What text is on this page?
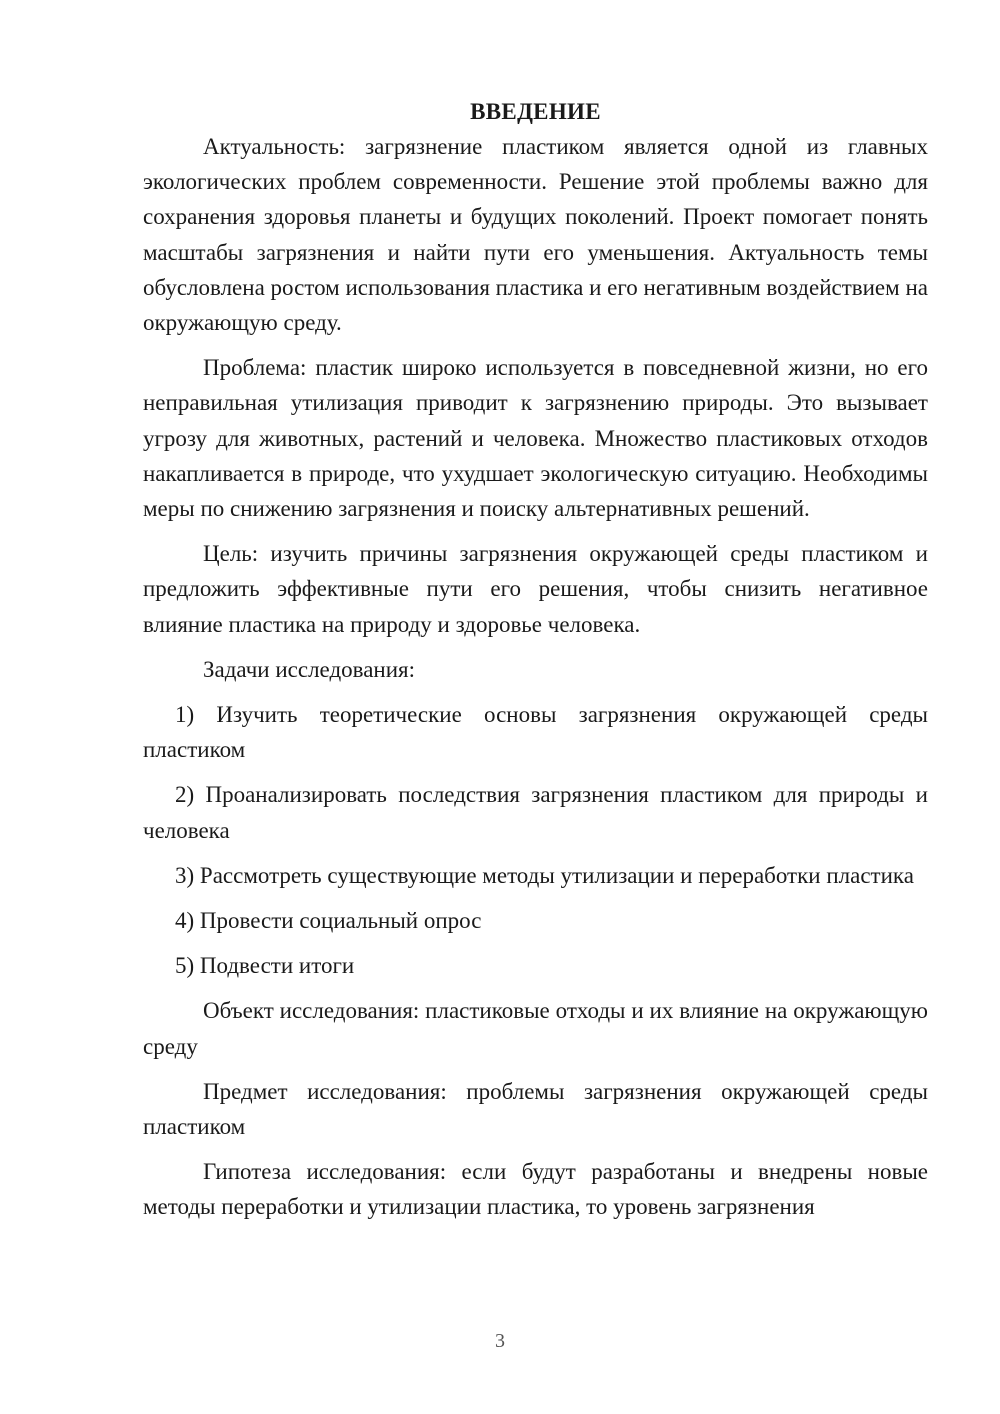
ВВЕДЕНИЕ

Актуальность: загрязнение пластиком является одной из главных экологических проблем современности. Решение этой проблемы важно для сохранения здоровья планеты и будущих поколений. Проект помогает понять масштабы загрязнения и найти пути его уменьшения. Актуальность темы обусловлена ростом использования пластика и его негативным воздействием на окружающую среду.

Проблема: пластик широко используется в повседневной жизни, но его неправильная утилизация приводит к загрязнению природы. Это вызывает угрозу для животных, растений и человека. Множество пластиковых отходов накапливается в природе, что ухудшает экологическую ситуацию. Необходимы меры по снижению загрязнения и поиску альтернативных решений.

Цель: изучить причины загрязнения окружающей среды пластиком и предложить эффективные пути его решения, чтобы снизить негативное влияние пластика на природу и здоровье человека.

Задачи исследования:

1) Изучить теоретические основы загрязнения окружающей среды пластиком

2) Проанализировать последствия загрязнения пластиком для природы и человека

3) Рассмотреть существующие методы утилизации и переработки пластика

4) Провести социальный опрос

5) Подвести итоги

Объект исследования: пластиковые отходы и их влияние на окружающую среду

Предмет исследования: проблемы загрязнения окружающей среды пластиком

Гипотеза исследования: если будут разработаны и внедрены новые методы переработки и утилизации пластика, то уровень загрязнения

3
